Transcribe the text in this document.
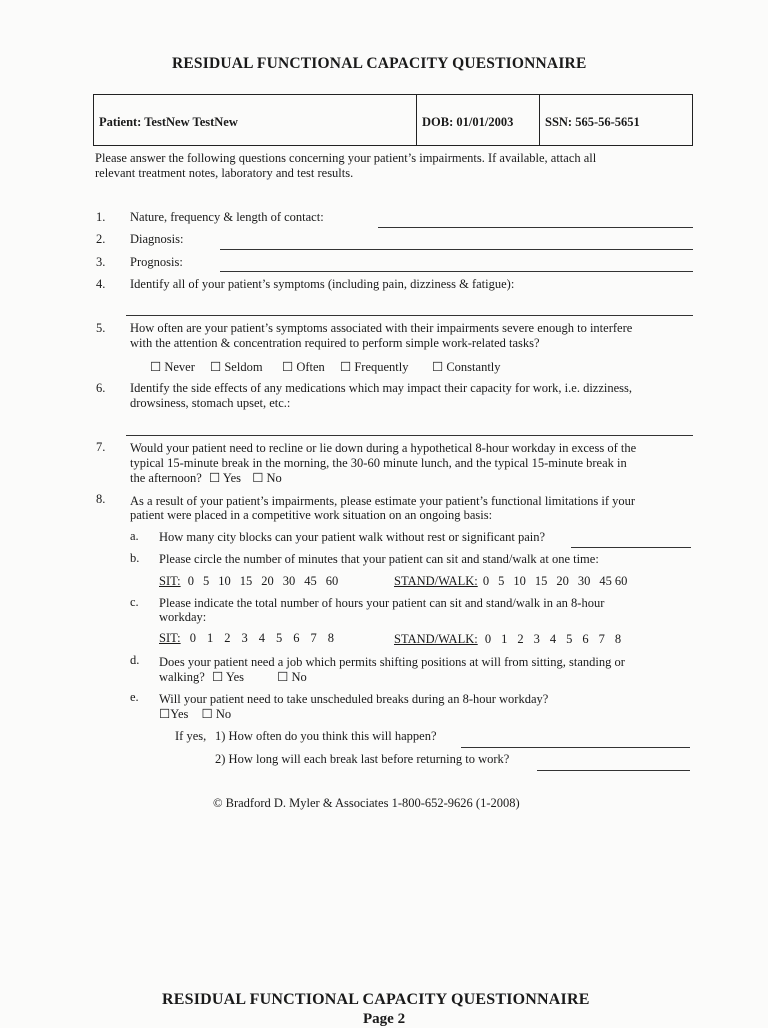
RESIDUAL FUNCTIONAL CAPACITY QUESTIONNAIRE
Patient: TestNew TestNew	DOB: 01/01/2003	SSN: 565-56-5651
Please answer the following questions concerning your patient’s impairments. If available, attach all
relevant treatment notes, laboratory and test results.
1. Nature, frequency & length of contact:
2. Diagnosis:
3. Prognosis:
4. Identify all of your patient’s symptoms (including pain, dizziness & fatigue):
5. How often are your patient’s symptoms associated with their impairments severe enough to interfere
with the attention & concentration required to perform simple work-related tasks?
☐ Never ☐ Seldom ☐ Often ☐ Frequently ☐ Constantly
6. Identify the side effects of any medications which may impact their capacity for work, i.e. dizziness,
drowsiness, stomach upset, etc.:
7. Would your patient need to recline or lie down during a hypothetical 8-hour workday in excess of the
typical 15-minute break in the morning, the 30-60 minute lunch, and the typical 15-minute break in
the afternoon? ☐ Yes ☐ No
8. As a result of your patient’s impairments, please estimate your patient’s functional limitations if your
patient were placed in a competitive work situation on an ongoing basis:
a. How many city blocks can your patient walk without rest or significant pain?
b. Please circle the number of minutes that your patient can sit and stand/walk at one time:
SIT: 0 5 10 15 20 30 45 60	STAND/WALK: 0 5 10 15 20 30 45 60
c. Please indicate the total number of hours your patient can sit and stand/walk in an 8-hour
workday:
SIT: 0 1 2 3 4 5 6 7 8	STAND/WALK: 0 1 2 3 4 5 6 7 8
d. Does your patient need a job which permits shifting positions at will from sitting, standing or
walking? ☐ Yes	☐ No
e. Will your patient need to take unscheduled breaks during an 8-hour workday?
☐Yes ☐ No
If yes, 1) How often do you think this will happen?
2) How long will each break last before returning to work?
© Bradford D. Myler & Associates 1-800-652-9626 (1-2008)
RESIDUAL FUNCTIONAL CAPACITY QUESTIONNAIRE
Page 2
